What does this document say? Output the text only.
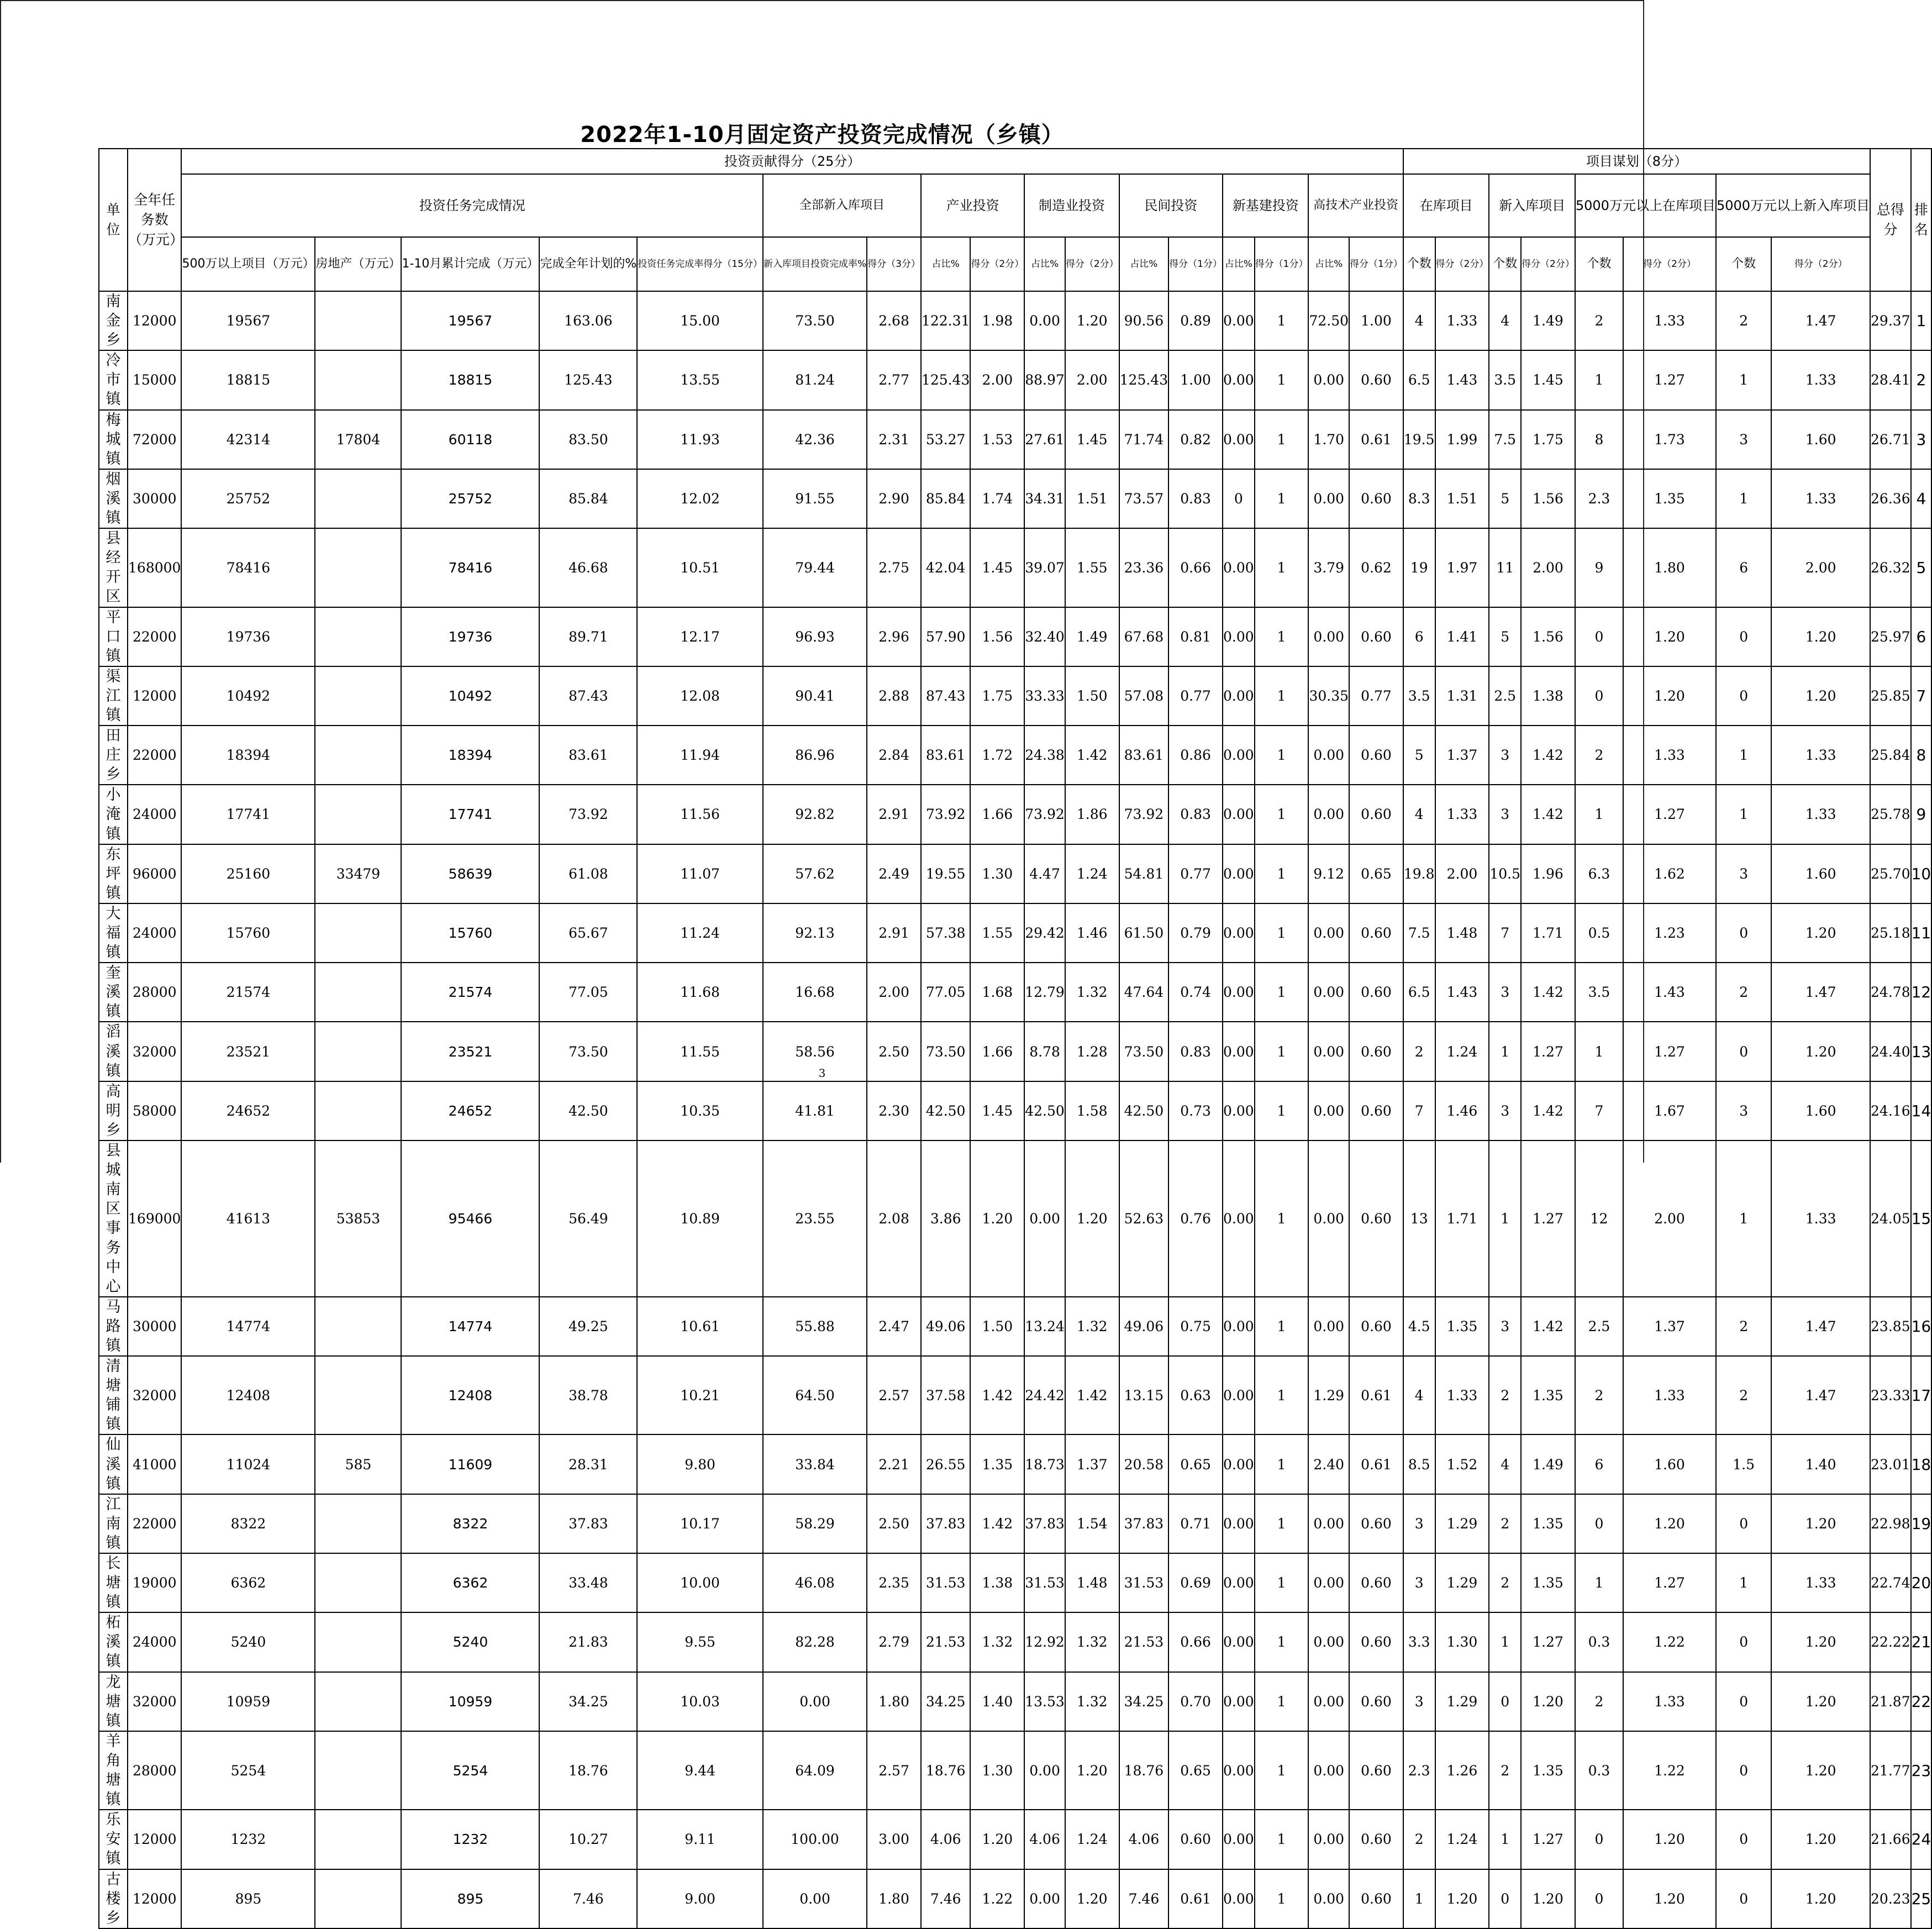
2022年1-10月固定资产投资完成情况（乡镇）
单　位	全年任务数（万元）	投资贡献得分（25分）																	项目谋划（8分）								总得分	排名
		投资任务完成情况					全部新入库项目		产业投资		制造业投资		民间投资		新基建投资		高技术产业投资		在库项目		新入库项目		5000万元以上在库项目		5000万元以上新入库项目			
		500万以上项目（万元）	房地产（万元）	1-10月累计完成（万元）	完成全年计划的%	投资任务完成率得分（15分）	新入库项目投资完成率%	得分（3分）	占比%	得分（2分）	占比%	得分（2分）	占比%	得分（1分）	占比%	得分（1分）	占比%	得分（1分）	个数	得分（2分）	个数	得分（2分）	个数	得分（2分）	个数	得分（2分）		
南金乡	12000	19567		19567	163.06	15.00	73.50	2.68	122.31	1.98	0.00	1.20	90.56	0.89	0.00	1	72.50	1.00	4	1.33	4	1.49	2	1.33	2	1.47	29.37	1
冷市镇	15000	18815		18815	125.43	13.55	81.24	2.77	125.43	2.00	88.97	2.00	125.43	1.00	0.00	1	0.00	0.60	6.5	1.43	3.5	1.45	1	1.27	1	1.33	28.41	2
梅城镇	72000	42314	17804	60118	83.50	11.93	42.36	2.31	53.27	1.53	27.61	1.45	71.74	0.82	0.00	1	1.70	0.61	19.5	1.99	7.5	1.75	8	1.73	3	1.60	26.71	3
烟溪镇	30000	25752		25752	85.84	12.02	91.55	2.90	85.84	1.74	34.31	1.51	73.57	0.83	0	1	0.00	0.60	8.3	1.51	5	1.56	2.3	1.35	1	1.33	26.36	4
县经开区	168000	78416		78416	46.68	10.51	79.44	2.75	42.04	1.45	39.07	1.55	23.36	0.66	0.00	1	3.79	0.62	19	1.97	11	2.00	9	1.80	6	2.00	26.32	5
平口镇	22000	19736		19736	89.71	12.17	96.93	2.96	57.90	1.56	32.40	1.49	67.68	0.81	0.00	1	0.00	0.60	6	1.41	5	1.56	0	1.20	0	1.20	25.97	6
渠江镇	12000	10492		10492	87.43	12.08	90.41	2.88	87.43	1.75	33.33	1.50	57.08	0.77	0.00	1	30.35	0.77	3.5	1.31	2.5	1.38	0	1.20	0	1.20	25.85	7
田庄乡	22000	18394		18394	83.61	11.94	86.96	2.84	83.61	1.72	24.38	1.42	83.61	0.86	0.00	1	0.00	0.60	5	1.37	3	1.42	2	1.33	1	1.33	25.84	8
小淹镇	24000	17741		17741	73.92	11.56	92.82	2.91	73.92	1.66	73.92	1.86	73.92	0.83	0.00	1	0.00	0.60	4	1.33	3	1.42	1	1.27	1	1.33	25.78	9
东坪镇	96000	25160	33479	58639	61.08	11.07	57.62	2.49	19.55	1.30	4.47	1.24	54.81	0.77	0.00	1	9.12	0.65	19.8	2.00	10.5	1.96	6.3	1.62	3	1.60	25.70	10
大福镇	24000	15760		15760	65.67	11.24	92.13	2.91	57.38	1.55	29.42	1.46	61.50	0.79	0.00	1	0.00	0.60	7.5	1.48	7	1.71	0.5	1.23	0	1.20	25.18	11
奎溪镇	28000	21574		21574	77.05	11.68	16.68	2.00	77.05	1.68	12.79	1.32	47.64	0.74	0.00	1	0.00	0.60	6.5	1.43	3	1.42	3.5	1.43	2	1.47	24.78	12
滔溪镇	32000	23521		23521	73.50	11.55	58.56	2.50	73.50	1.66	8.78	1.28	73.50	0.83	0.00	1	0.00	0.60	2	1.24	1	1.27	1	1.27	0	1.20	24.40	13
高明乡	58000	24652		24652	42.50	10.35	41.81	2.30	42.50	1.45	42.50	1.58	42.50	0.73	0.00	1	0.00	0.60	7	1.46	3	1.42	7	1.67	3	1.60	24.16	14
县城南区事务中心	169000	41613	53853	95466	56.49	10.89	23.55	2.08	3.86	1.20	0.00	1.20	52.63	0.76	0.00	1	0.00	0.60	13	1.71	1	1.27	12	2.00	1	1.33	24.05	15
马路镇	30000	14774		14774	49.25	10.61	55.88	2.47	49.06	1.50	13.24	1.32	49.06	0.75	0.00	1	0.00	0.60	4.5	1.35	3	1.42	2.5	1.37	2	1.47	23.85	16
清塘铺镇	32000	12408		12408	38.78	10.21	64.50	2.57	37.58	1.42	24.42	1.42	13.15	0.63	0.00	1	1.29	0.61	4	1.33	2	1.35	2	1.33	2	1.47	23.33	17
仙溪镇	41000	11024	585	11609	28.31	9.80	33.84	2.21	26.55	1.35	18.73	1.37	20.58	0.65	0.00	1	2.40	0.61	8.5	1.52	4	1.49	6	1.60	1.5	1.40	23.01	18
江南镇	22000	8322		8322	37.83	10.17	58.29	2.50	37.83	1.42	37.83	1.54	37.83	0.71	0.00	1	0.00	0.60	3	1.29	2	1.35	0	1.20	0	1.20	22.98	19
长塘镇	19000	6362		6362	33.48	10.00	46.08	2.35	31.53	1.38	31.53	1.48	31.53	0.69	0.00	1	0.00	0.60	3	1.29	2	1.35	1	1.27	1	1.33	22.74	20
柘溪镇	24000	5240		5240	21.83	9.55	82.28	2.79	21.53	1.32	12.92	1.32	21.53	0.66	0.00	1	0.00	0.60	3.3	1.30	1	1.27	0.3	1.22	0	1.20	22.22	21
龙塘镇	32000	10959		10959	34.25	10.03	0.00	1.80	34.25	1.40	13.53	1.32	34.25	0.70	0.00	1	0.00	0.60	3	1.29	0	1.20	2	1.33	0	1.20	21.87	22
羊角塘镇	28000	5254		5254	18.76	9.44	64.09	2.57	18.76	1.30	0.00	1.20	18.76	0.65	0.00	1	0.00	0.60	2.3	1.26	2	1.35	0.3	1.22	0	1.20	21.77	23
乐安镇	12000	1232		1232	10.27	9.11	100.00	3.00	4.06	1.20	4.06	1.24	4.06	0.60	0.00	1	0.00	0.60	2	1.24	1	1.27	0	1.20	0	1.20	21.66	24
古楼乡	12000	895		895	7.46	9.00	0.00	1.80	7.46	1.22	0.00	1.20	7.46	0.61	0.00	1	0.00	0.60	1	1.20	0	1.20	0	1.20	0	1.20	20.23	25
3
